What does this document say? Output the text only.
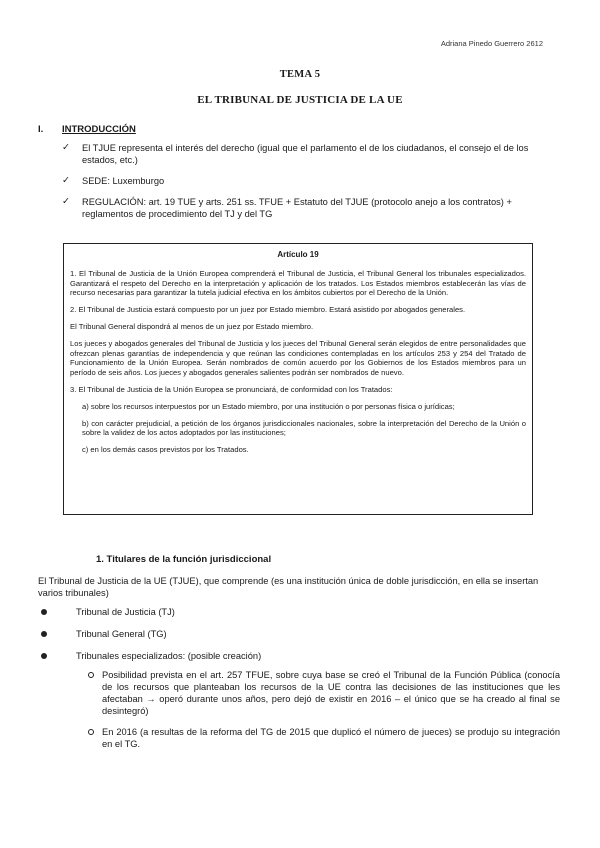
Adriana Pinedo Guerrero 2612
TEMA 5
EL TRIBUNAL DE JUSTICIA DE LA UE
I. INTRODUCCIÓN
✓ El TJUE representa el interés del derecho (igual que el parlamento el de los ciudadanos, el consejo el de los estados, etc.)
✓ SEDE: Luxemburgo
✓ REGULACIÓN: art. 19 TUE y arts. 251 ss. TFUE + Estatuto del TJUE (protocolo anejo a los contratos) + reglamentos de procedimiento del TJ y del TG
Artículo 19

1. El Tribunal de Justicia de la Unión Europea comprenderá el Tribunal de Justicia, el Tribunal General los tribunales especializados. Garantizará el respeto del Derecho en la interpretación y aplicación de los tratados. Los Estados miembros establecerán las vías de recurso necesarias para garantizar la tutela judicial efectiva en los ámbitos cubiertos por el Derecho de la Unión.

2. El Tribunal de Justicia estará compuesto por un juez por Estado miembro. Estará asistido por abogados generales.

El Tribunal General dispondrá al menos de un juez por Estado miembro.

Los jueces y abogados generales del Tribunal de Justicia y los jueces del Tribunal General serán elegidos de entre personalidades que ofrezcan plenas garantías de independencia y que reúnan las condiciones contempladas en los artículos 253 y 254 del Tratado de Funcionamiento de la Unión Europea. Serán nombrados de común acuerdo por los Gobiernos de los Estados miembros para un período de seis años. Los jueces y abogados generales salientes podrán ser nombrados de nuevo.

3. El Tribunal de Justicia de la Unión Europea se pronunciará, de conformidad con los Tratados:

a) sobre los recursos interpuestos por un Estado miembro, por una institución o por personas física o jurídicas;

b) con carácter prejudicial, a petición de los órganos jurisdiccionales nacionales, sobre la interpretación del Derecho de la Unión o sobre la validez de los actos adoptados por las instituciones;

c) en los demás casos previstos por los Tratados.

1. Titulares de la función jurisdiccional
El Tribunal de Justicia de la UE (TJUE), que comprende (es una institución única de doble jurisdicción, en ella se insertan varios tribunales)
Tribunal de Justicia (TJ)
Tribunal General (TG)
Tribunales especializados: (posible creación)
Posibilidad prevista en el art. 257 TFUE, sobre cuya base se creó el Tribunal de la Función Pública (conocía de los recursos que planteaban los recursos de la UE contra las decisiones de las instituciones que les afectaban → operó durante unos años, pero dejó de existir en 2016 – el único que se ha creado al final se desintegró)
En 2016 (a resultas de la reforma del TG de 2015 que duplicó el número de jueces) se produjo su integración en el TG.
